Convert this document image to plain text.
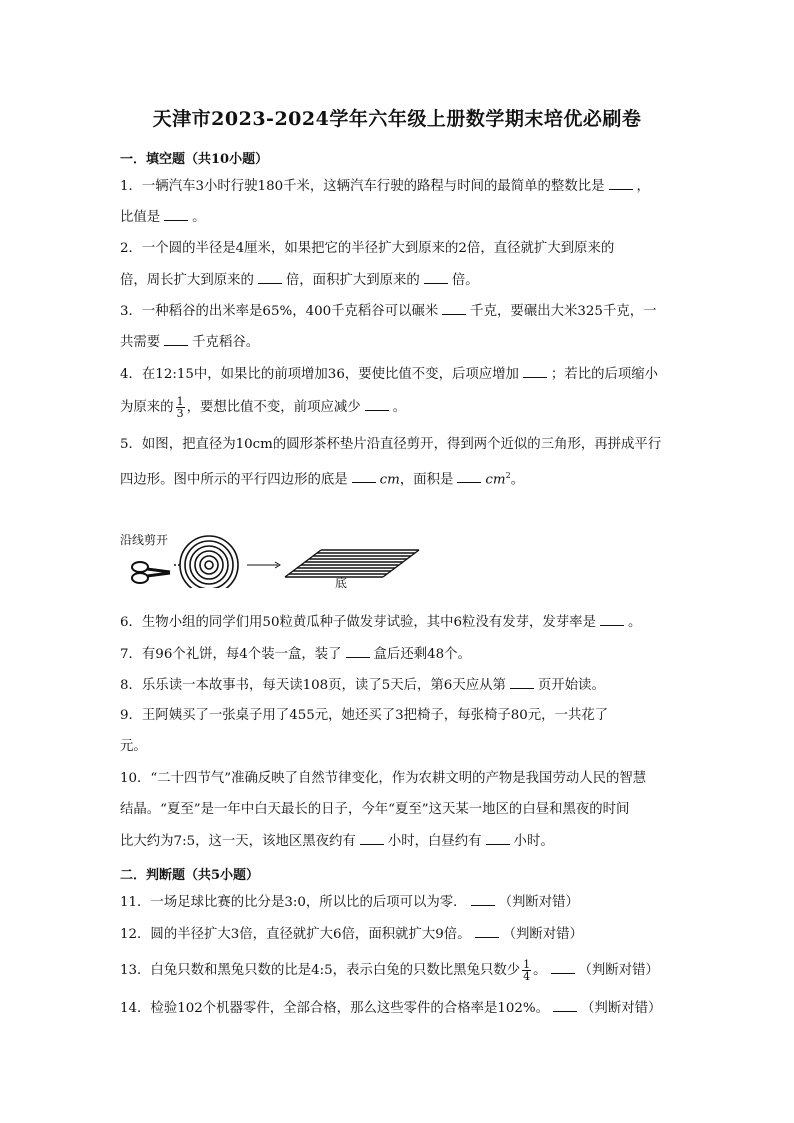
天津市2023-2024学年六年级上册数学期末培优必刷卷
一．填空题（共10小题）
1．一辆汽车3小时行驶180千米，这辆汽车行驶的路程与时间的最简单的整数比是 ，
比值是 。
2．一个圆的半径是4厘米，如果把它的半径扩大到原来的2倍，直径就扩大到原来的
倍，周长扩大到原来的 倍，面积扩大到原来的 倍。
3．一种稻谷的出米率是65%，400千克稻谷可以碾米 千克，要碾出大米325千克，一
共需要 千克稻谷。
4．在12:15中，如果比的前项增加36，要使比值不变，后项应增加 ；若比的后项缩小
为原来的 $\frac{1}{3}$ ，要想比值不变，前项应减少 。
5．如图，把直径为10cm的圆形茶杯垫片沿直径剪开，得到两个近似的三角形，再拼成平行
四边形。图中所示的平行四边形的底是 cm，面积是 $cm^2$。
沿线剪开
底
6．生物小组的同学们用50粒黄瓜种子做发芽试验，其中6粒没有发芽，发芽率是 。
7．有96个礼饼，每4个装一盒，装了 盒后还剩48个。
8．乐乐读一本故事书，每天读108页，读了5天后，第6天应从第 页开始读。
9．王阿姨买了一张桌子用了455元，她还买了3把椅子，每张椅子80元，一共花了
元。
10．“二十四节气”准确反映了自然节律变化，作为农耕文明的产物是我国劳动人民的智慧
结晶。“夏至”是一年中白天最长的日子，今年“夏至”这天某一地区的白昼和黑夜的时间
比大约为7:5，这一天，该地区黑夜约有 小时，白昼约有 小时。
二．判断题（共5小题）
11．一场足球比赛的比分是3:0，所以比的后项可以为零． （判断对错）
12．圆的半径扩大3倍，直径就扩大6倍，面积就扩大9倍。 （判断对错）
13．白兔只数和黑兔只数的比是4:5，表示白兔的只数比黑兔只数少 $\frac{1}{4}$ 。 （判断对错）
14．检验102个机器零件，全部合格，那么这些零件的合格率是102%。 （判断对错）
